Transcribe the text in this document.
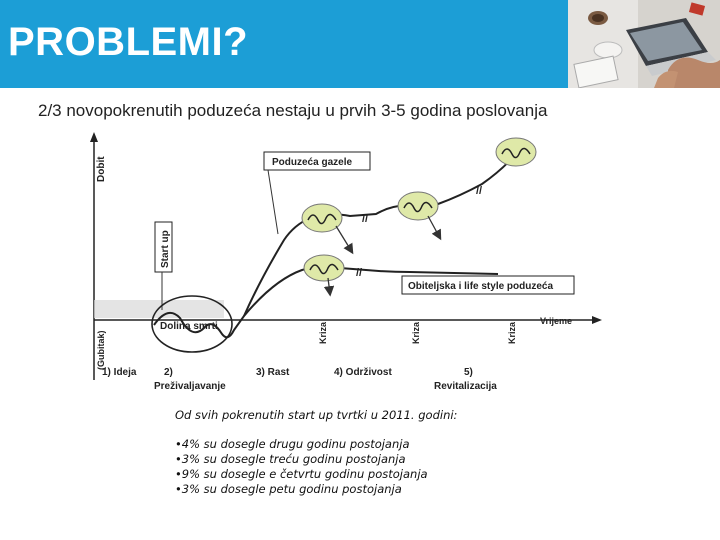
PROBLEMI?
2/3 novopokrenutih poduzeća nestaju u prvih 3-5 godina poslovanja
Dobit
(Gubitak)
Vrijeme
Start up
Dolina smrti
//
//
//
Poduzeća gazele
Obiteljska i life style poduzeća
Kriza	Kriza	Kriza
1) Ideja	2)
Preživaljavanje
3) Rast	4) Održivost	5)
Revitalizacija
Od svih pokrenutih start up tvrtki u 2011. godini:
•4% su dosegle drugu godinu postojanja
•3% su dosegle treću godinu postojanja
•9% su dosegle e četvrtu godinu postojanja
•3% su dosegle petu godinu postojanja
